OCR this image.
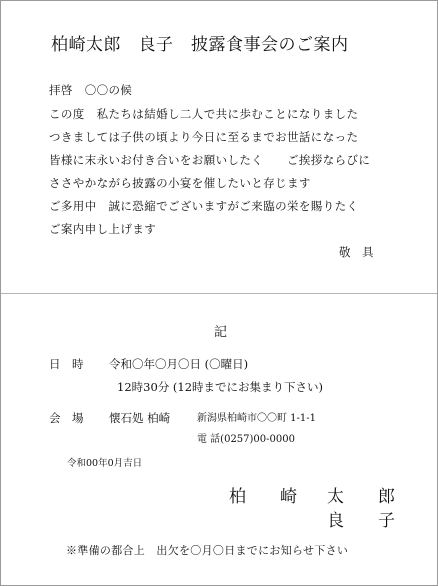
柏崎太郎　良子　披露食事会のご案内
拝啓　〇〇の候
この度　私たちは結婚し二人で共に歩むことになりました
つきましては子供の頃より今日に至るまでお世話になった
皆様に末永いお付き合いをお願いしたく　　ご挨拶ならびに
ささやかながら披露の小宴を催したいと存じます
ご多用中　誠に恐縮でございますがご来臨の栄を賜りたく
ご案内申し上げます
敬　具
記
日　時 令和〇年〇月〇日 (〇曜日)
12時30分 (12時までにお集まり下さい)
会　場 懐石処 柏崎	新潟県柏崎市〇〇町 1-1-1
電 話(0257)00-0000
令和00年0月吉日
柏　　崎 太　　郎
良　　子
※準備の都合上　出欠を〇月〇日までにお知らせ下さい
